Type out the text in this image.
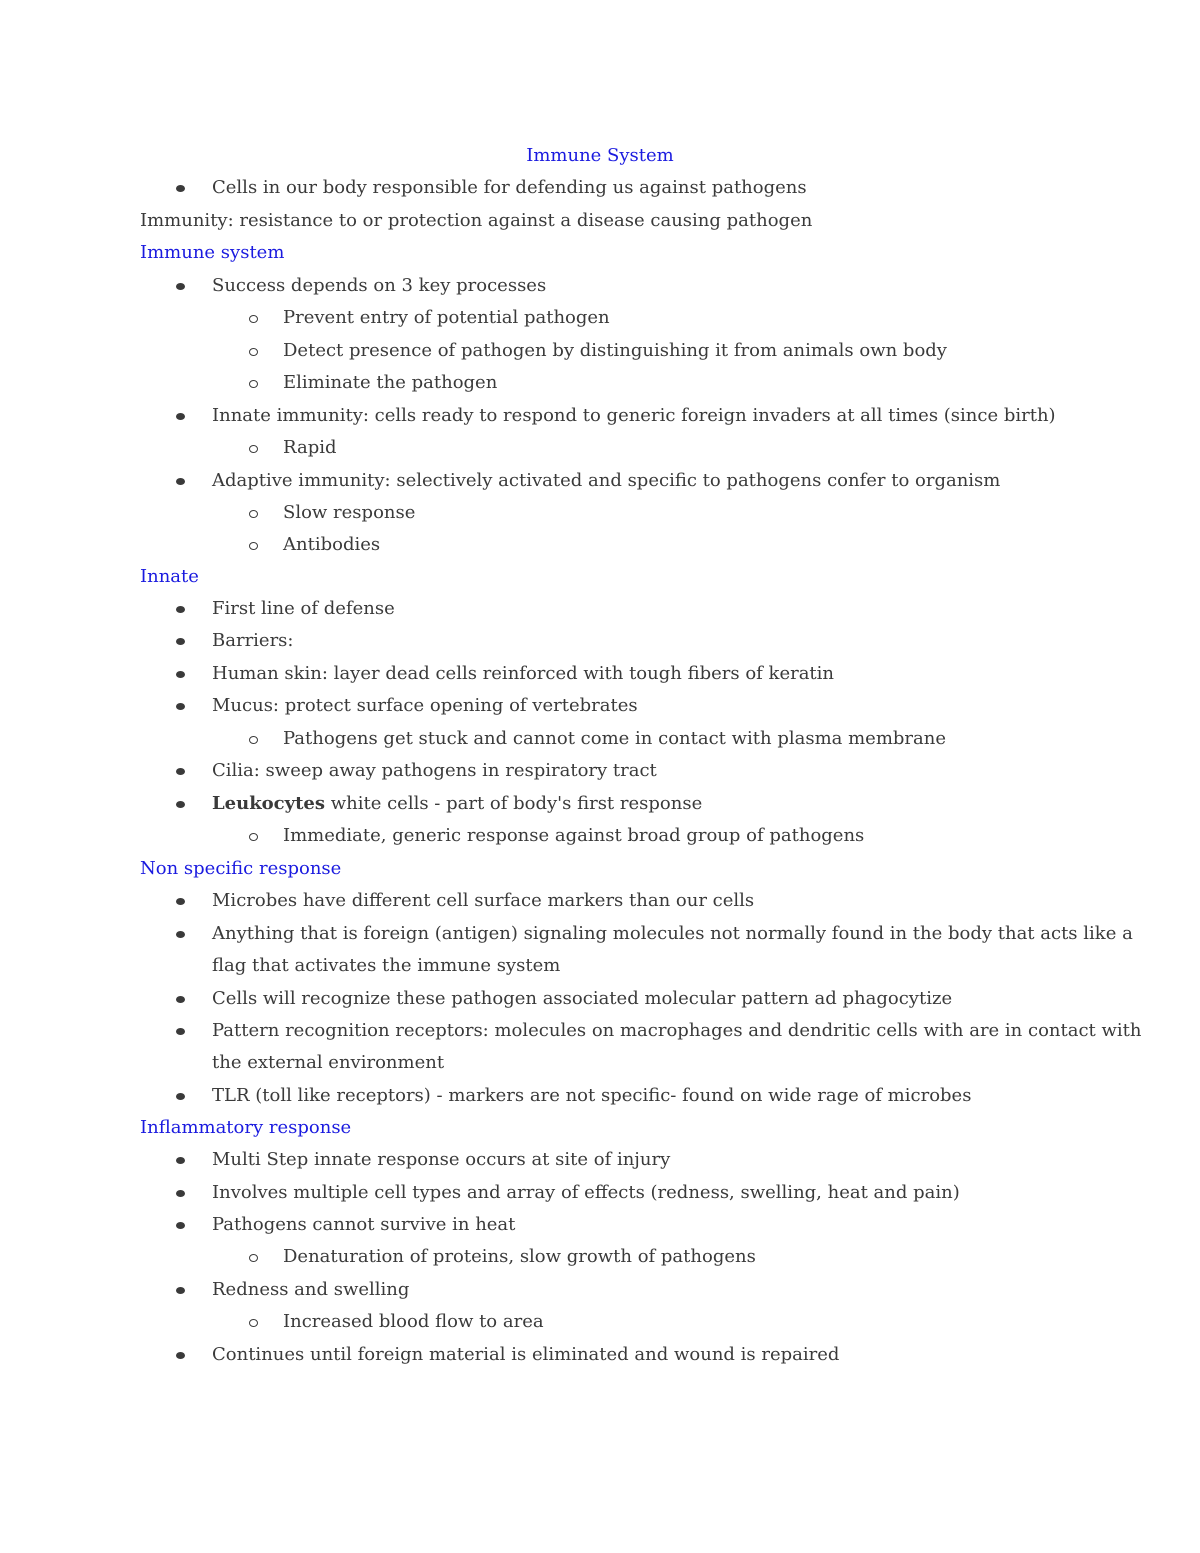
Immune System
Cells in our body responsible for defending us against pathogens
Immunity: resistance to or protection against a disease causing pathogen
Immune system
Success depends on 3 key processes
Prevent entry of potential pathogen
Detect presence of pathogen by distinguishing it from animals own body
Eliminate the pathogen
Innate immunity: cells ready to respond to generic foreign invaders at all times (since birth)
Rapid
Adaptive immunity: selectively activated and specific to pathogens confer to organism
Slow response
Antibodies
Innate
First line of defense
Barriers:
Human skin: layer dead cells reinforced with tough fibers of keratin
Mucus: protect surface opening of vertebrates
Pathogens get stuck and cannot come in contact with plasma membrane
Cilia: sweep away pathogens in respiratory tract
Leukocytes white cells - part of body's first response
Immediate, generic response against broad group of pathogens
Non specific response
Microbes have different cell surface markers than our cells
Anything that is foreign (antigen) signaling molecules not normally found in the body that acts like a
flag that activates the immune system
Cells will recognize these pathogen associated molecular pattern ad phagocytize
Pattern recognition receptors: molecules on macrophages and dendritic cells with are in contact with
the external environment
TLR (toll like receptors) - markers are not specific- found on wide rage of microbes
Inflammatory response
Multi Step innate response occurs at site of injury
Involves multiple cell types and array of effects (redness, swelling, heat and pain)
Pathogens cannot survive in heat
Denaturation of proteins, slow growth of pathogens
Redness and swelling
Increased blood flow to area
Continues until foreign material is eliminated and wound is repaired
